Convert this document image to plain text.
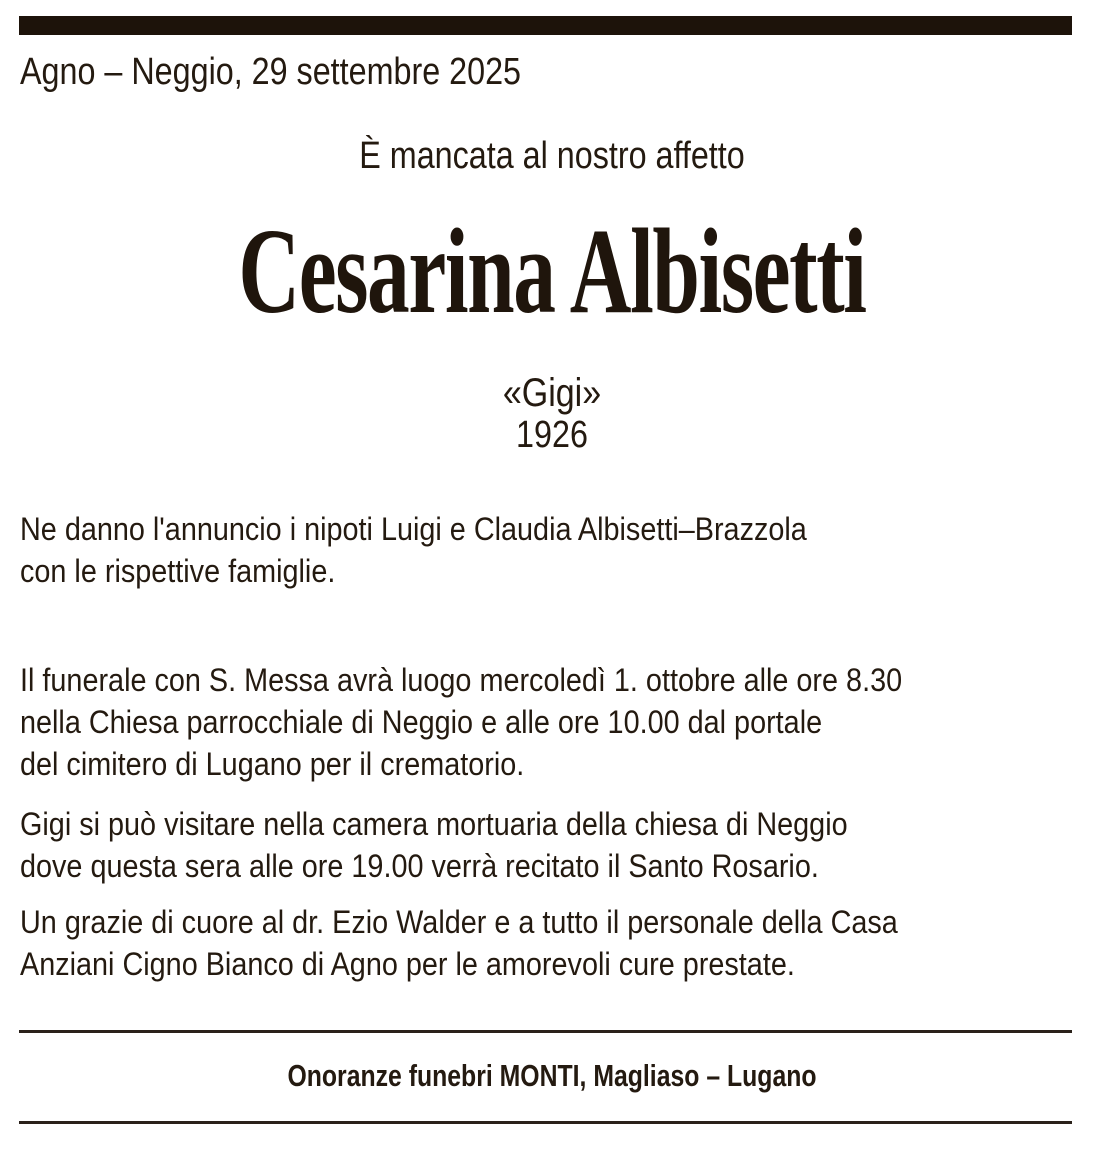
Agno – Neggio, 29 settembre 2025
È mancata al nostro affetto
Cesarina Albisetti
«Gigi»
1926
Ne danno l'annuncio i nipoti Luigi e Claudia Albisetti–Brazzola
con le rispettive famiglie.
Il funerale con S. Messa avrà luogo mercoledì 1. ottobre alle ore 8.30
nella Chiesa parrocchiale di Neggio e alle ore 10.00 dal portale
del cimitero di Lugano per il crematorio.
Gigi si può visitare nella camera mortuaria della chiesa di Neggio
dove questa sera alle ore 19.00 verrà recitato il Santo Rosario.
Un grazie di cuore al dr. Ezio Walder e a tutto il personale della Casa
Anziani Cigno Bianco di Agno per le amorevoli cure prestate.
Onoranze funebri MONTI, Magliaso – Lugano
